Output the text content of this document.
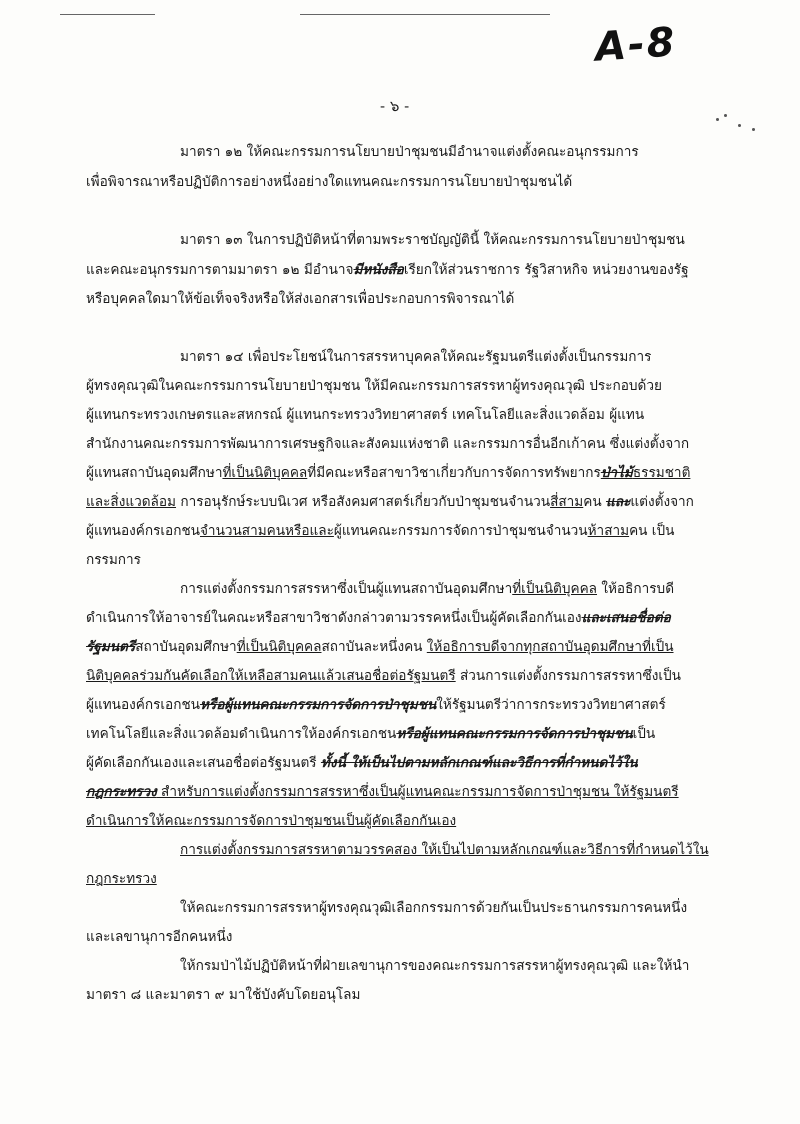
A-8
- ๖ -
มาตรา ๑๒ ให้คณะกรรมการนโยบายป่าชุมชนมีอำนาจแต่งตั้งคณะอนุกรรมการ
เพื่อพิจารณาหรือปฏิบัติการอย่างหนึ่งอย่างใดแทนคณะกรรมการนโยบายป่าชุมชนได้
มาตรา ๑๓ ในการปฏิบัติหน้าที่ตามพระราชบัญญัตินี้ ให้คณะกรรมการนโยบายป่าชุมชน
และคณะอนุกรรมการตามมาตรา ๑๒ มีอำนาจมีหนังสือเรียกให้ส่วนราชการ รัฐวิสาหกิจ หน่วยงานของรัฐ
หรือบุคคลใดมาให้ข้อเท็จจริงหรือให้ส่งเอกสารเพื่อประกอบการพิจารณาได้
มาตรา ๑๔ เพื่อประโยชน์ในการสรรหาบุคคลให้คณะรัฐมนตรีแต่งตั้งเป็นกรรมการ
ผู้ทรงคุณวุฒิในคณะกรรมการนโยบายป่าชุมชน ให้มีคณะกรรมการสรรหาผู้ทรงคุณวุฒิ ประกอบด้วย
ผู้แทนกระทรวงเกษตรและสหกรณ์ ผู้แทนกระทรวงวิทยาศาสตร์ เทคโนโลยีและสิ่งแวดล้อม ผู้แทน
สำนักงานคณะกรรมการพัฒนาการเศรษฐกิจและสังคมแห่งชาติ และกรรมการอื่นอีกเก้าคน ซึ่งแต่งตั้งจาก
ผู้แทนสถาบันอุดมศึกษาที่เป็นนิติบุคคลที่มีคณะหรือสาขาวิชาเกี่ยวกับการจัดการทรัพยากรป่าไม้ธรรมชาติ
และสิ่งแวดล้อม การอนุรักษ์ระบบนิเวศ หรือสังคมศาสตร์เกี่ยวกับป่าชุมชนจำนวนสี่สามคน และแต่งตั้งจาก
ผู้แทนองค์กรเอกชนจำนวนสามคนหรือและผู้แทนคณะกรรมการจัดการป่าชุมชนจำนวนห้าสามคน เป็น
กรรมการ
การแต่งตั้งกรรมการสรรหาซึ่งเป็นผู้แทนสถาบันอุดมศึกษาที่เป็นนิติบุคคล ให้อธิการบดี
ดำเนินการให้อาจารย์ในคณะหรือสาขาวิชาดังกล่าวตามวรรคหนึ่งเป็นผู้คัดเลือกกันเองและเสนอชื่อต่อ
รัฐมนตรีสถาบันอุดมศึกษาที่เป็นนิติบุคคลสถาบันละหนึ่งคน ให้อธิการบดีจากทุกสถาบันอุดมศึกษาที่เป็น
นิติบุคคลร่วมกันคัดเลือกให้เหลือสามคนแล้วเสนอชื่อต่อรัฐมนตรี ส่วนการแต่งตั้งกรรมการสรรหาซึ่งเป็น
ผู้แทนองค์กรเอกชนหรือผู้แทนคณะกรรมการจัดการป่าชุมชนให้รัฐมนตรีว่าการกระทรวงวิทยาศาสตร์
เทคโนโลยีและสิ่งแวดล้อมดำเนินการให้องค์กรเอกชนหรือผู้แทนคณะกรรมการจัดการป่าชุมชนเป็น
ผู้คัดเลือกกันเองและเสนอชื่อต่อรัฐมนตรี ทั้งนี้ ให้เป็นไปตามหลักเกณฑ์และวิธีการที่กำหนดไว้ใน
กฎกระทรวง สำหรับการแต่งตั้งกรรมการสรรหาซึ่งเป็นผู้แทนคณะกรรมการจัดการป่าชุมชน ให้รัฐมนตรี
ดำเนินการให้คณะกรรมการจัดการป่าชุมชนเป็นผู้คัดเลือกกันเอง
การแต่งตั้งกรรมการสรรหาตามวรรคสอง ให้เป็นไปตามหลักเกณฑ์และวิธีการที่กำหนดไว้ใน
กฎกระทรวง
ให้คณะกรรมการสรรหาผู้ทรงคุณวุฒิเลือกกรรมการด้วยกันเป็นประธานกรรมการคนหนึ่ง
และเลขานุการอีกคนหนึ่ง
ให้กรมป่าไม้ปฏิบัติหน้าที่ฝ่ายเลขานุการของคณะกรรมการสรรหาผู้ทรงคุณวุฒิ และให้นำ
มาตรา ๘ และมาตรา ๙ มาใช้บังคับโดยอนุโลม
